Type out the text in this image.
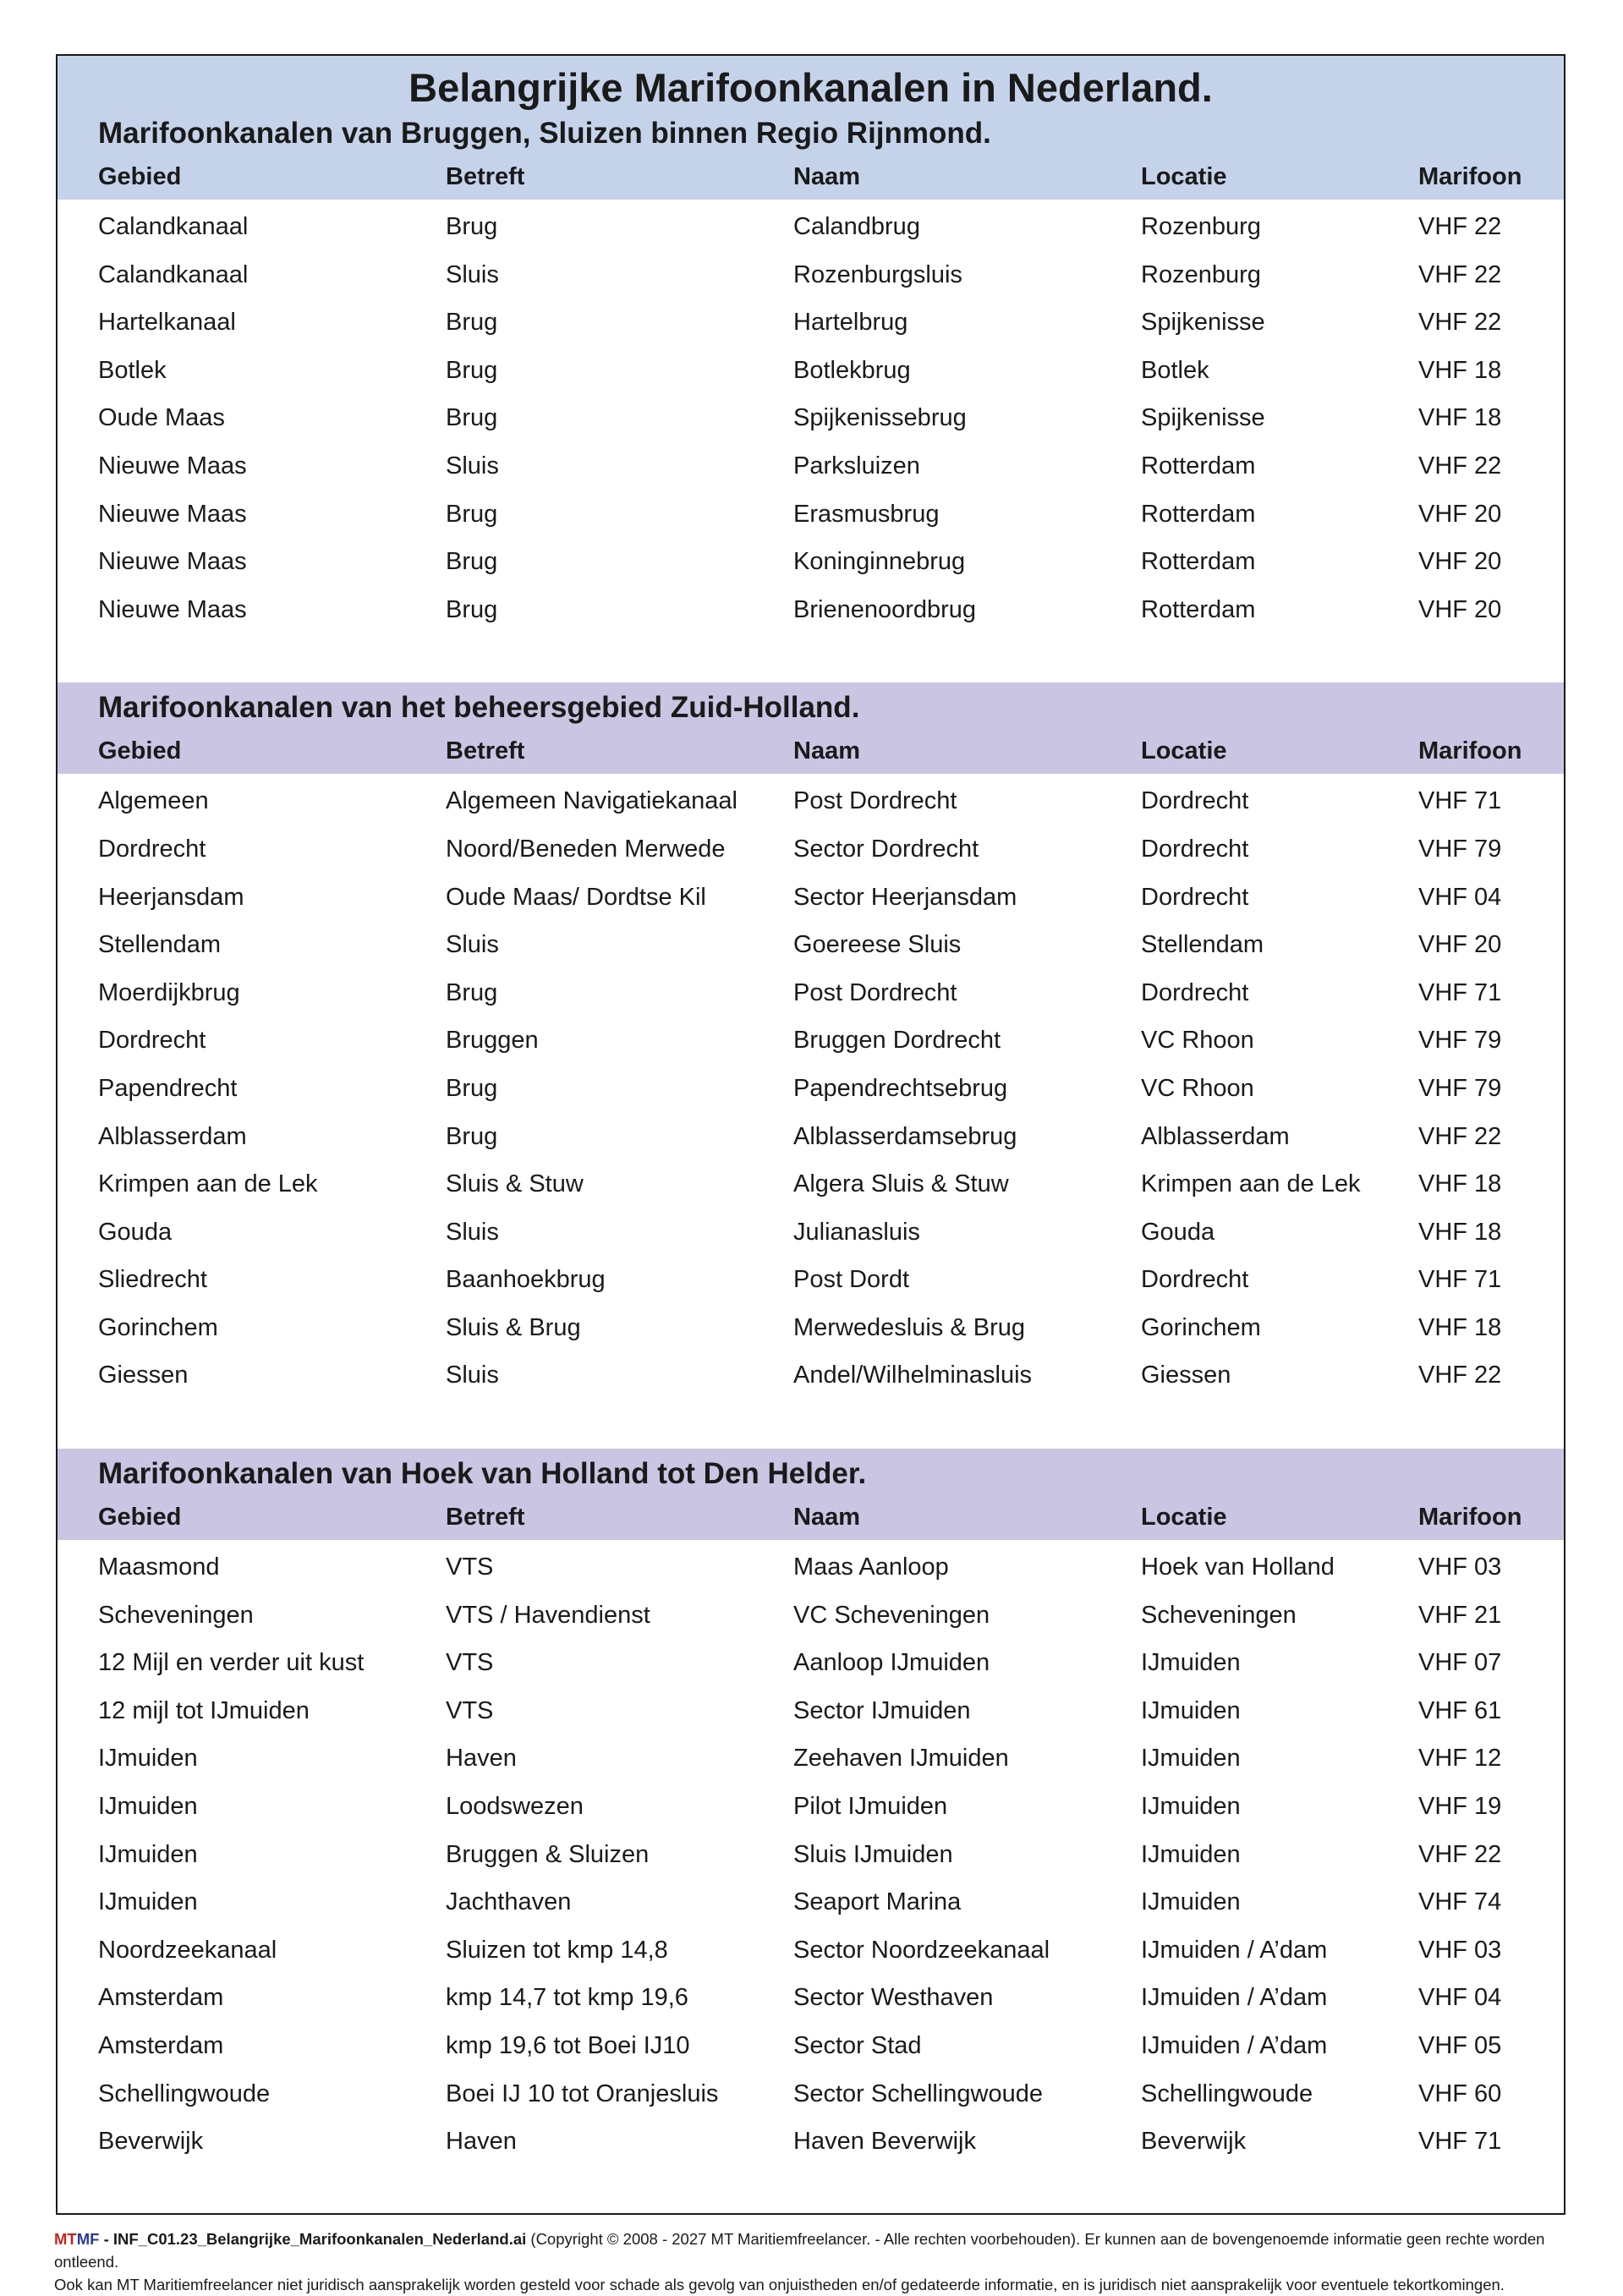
Belangrijke Marifoonkanalen in Nederland.
Marifoonkanalen van Bruggen, Sluizen binnen Regio Rijnmond.
Gebied	Betreft	Naam	Locatie	Marifoon
Calandkanaal	Brug	Calandbrug	Rozenburg	VHF 22
Calandkanaal	Sluis	Rozenburgsluis	Rozenburg	VHF 22
Hartelkanaal	Brug	Hartelbrug	Spijkenisse	VHF 22
Botlek	Brug	Botlekbrug	Botlek	VHF 18
Oude Maas	Brug	Spijkenissebrug	Spijkenisse	VHF 18
Nieuwe Maas	Sluis	Parksluizen	Rotterdam	VHF 22
Nieuwe Maas	Brug	Erasmusbrug	Rotterdam	VHF 20
Nieuwe Maas	Brug	Koninginnebrug	Rotterdam	VHF 20
Nieuwe Maas	Brug	Brienenoordbrug	Rotterdam	VHF 20
Marifoonkanalen van het beheersgebied Zuid-Holland.
Gebied	Betreft	Naam	Locatie	Marifoon
Algemeen	Algemeen Navigatiekanaal	Post Dordrecht	Dordrecht	VHF 71
Dordrecht	Noord/Beneden Merwede	Sector Dordrecht	Dordrecht	VHF 79
Heerjansdam	Oude Maas/ Dordtse Kil	Sector Heerjansdam	Dordrecht	VHF 04
Stellendam	Sluis	Goereese Sluis	Stellendam	VHF 20
Moerdijkbrug	Brug	Post Dordrecht	Dordrecht	VHF 71
Dordrecht	Bruggen	Bruggen Dordrecht	VC Rhoon	VHF 79
Papendrecht	Brug	Papendrechtsebrug	VC Rhoon	VHF 79
Alblasserdam	Brug	Alblasserdamsebrug	Alblasserdam	VHF 22
Krimpen aan de Lek	Sluis & Stuw	Algera Sluis & Stuw	Krimpen aan de Lek	VHF 18
Gouda	Sluis	Julianasluis	Gouda	VHF 18
Sliedrecht	Baanhoekbrug	Post Dordt	Dordrecht	VHF 71
Gorinchem	Sluis & Brug	Merwedesluis & Brug	Gorinchem	VHF 18
Giessen	Sluis	Andel/Wilhelminasluis	Giessen	VHF 22
Marifoonkanalen van Hoek van Holland tot Den Helder.
Gebied	Betreft	Naam	Locatie	Marifoon
Maasmond	VTS	Maas Aanloop	Hoek van Holland	VHF 03
Scheveningen	VTS / Havendienst	VC Scheveningen	Scheveningen	VHF 21
12 Mijl en verder uit kust	VTS	Aanloop IJmuiden	IJmuiden	VHF 07
12 mijl tot IJmuiden	VTS	Sector IJmuiden	IJmuiden	VHF 61
IJmuiden	Haven	Zeehaven IJmuiden	IJmuiden	VHF 12
IJmuiden	Loodswezen	Pilot IJmuiden	IJmuiden	VHF 19
IJmuiden	Bruggen & Sluizen	Sluis IJmuiden	IJmuiden	VHF 22
IJmuiden	Jachthaven	Seaport Marina	IJmuiden	VHF 74
Noordzeekanaal	Sluizen tot kmp 14,8	Sector Noordzeekanaal	IJmuiden / A’dam	VHF 03
Amsterdam	kmp 14,7 tot kmp 19,6	Sector Westhaven	IJmuiden / A’dam	VHF 04
Amsterdam	kmp 19,6 tot Boei IJ10	Sector Stad	IJmuiden / A’dam	VHF 05
Schellingwoude	Boei IJ 10 tot Oranjesluis	Sector Schellingwoude	Schellingwoude	VHF 60
Beverwijk	Haven	Haven Beverwijk	Beverwijk	VHF 71
MTMF - INF_C01.23_Belangrijke_Marifoonkanalen_Nederland.ai (Copyright © 2008 - 2027 MT Maritiemfreelancer. - Alle rechten voorbehouden). Er kunnen aan de bovengenoemde informatie geen rechte worden ontleend.
Ook kan MT Maritiemfreelancer niet juridisch aansprakelijk worden gesteld voor schade als gevolg van onjuistheden en/of gedateerde informatie, en is juridisch niet aansprakelijk voor eventuele tekortkomingen.
